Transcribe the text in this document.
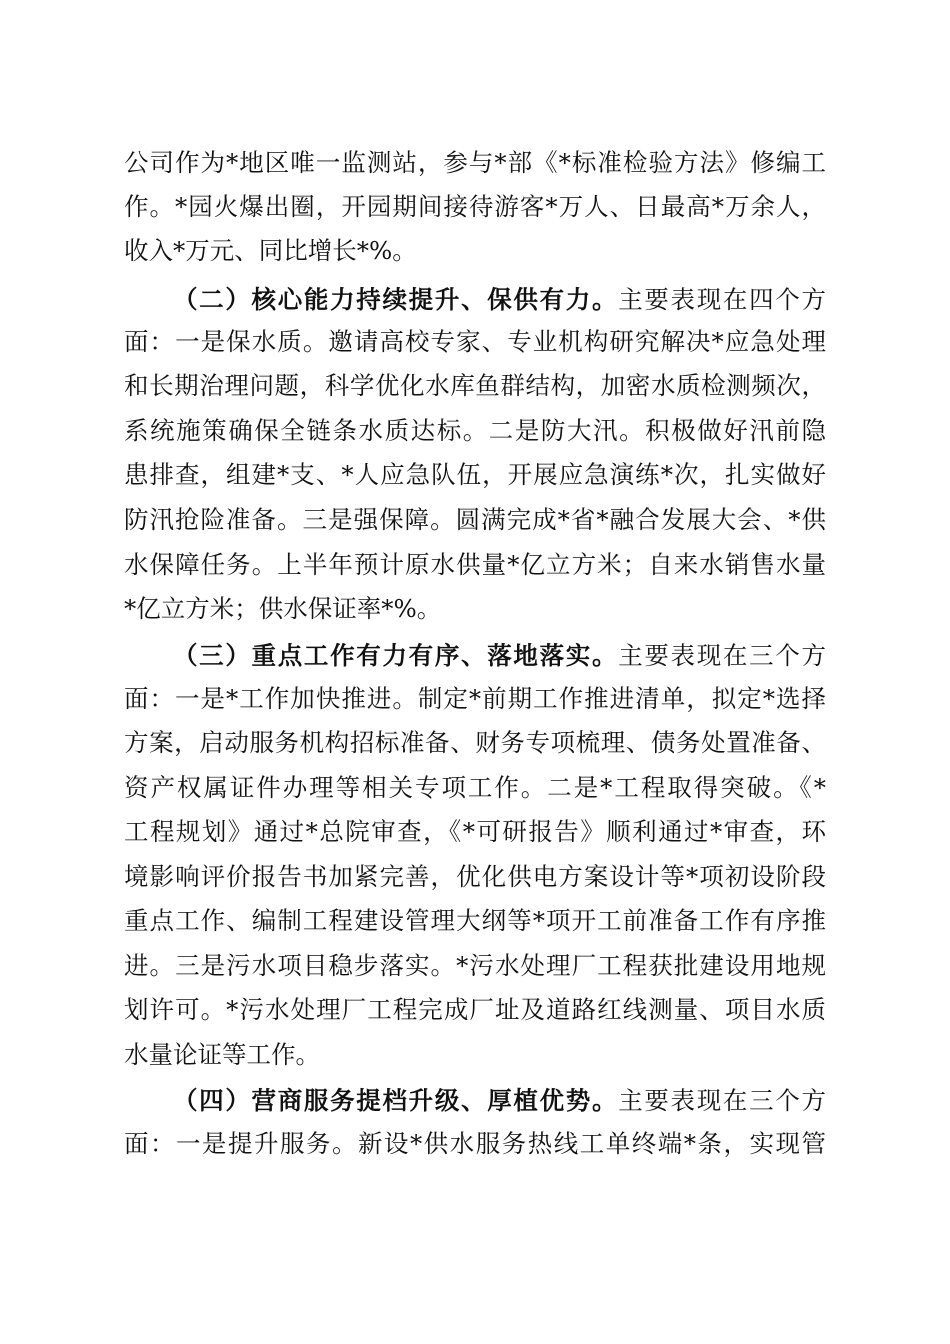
公司作为*地区唯一监测站，参与*部《*标准检验方法》修编工
作。*园火爆出圈，开园期间接待游客*万人、日最高*万余人，
收入*万元、同比增长*%。
（二）核心能力持续提升、保供有力。主要表现在四个方
面：一是保水质。邀请高校专家、专业机构研究解决*应急处理
和长期治理问题，科学优化水库鱼群结构，加密水质检测频次，
系统施策确保全链条水质达标。二是防大汛。积极做好汛前隐
患排查，组建*支、*人应急队伍，开展应急演练*次，扎实做好
防汛抢险准备。三是强保障。圆满完成*省*融合发展大会、*供
水保障任务。上半年预计原水供量*亿立方米；自来水销售水量
*亿立方米；供水保证率*%。
（三）重点工作有力有序、落地落实。主要表现在三个方
面：一是*工作加快推进。制定*前期工作推进清单，拟定*选择
方案，启动服务机构招标准备、财务专项梳理、债务处置准备、
资产权属证件办理等相关专项工作。二是*工程取得突破。《*
工程规划》通过*总院审查，《*可研报告》顺利通过*审查，环
境影响评价报告书加紧完善，优化供电方案设计等*项初设阶段
重点工作、编制工程建设管理大纲等*项开工前准备工作有序推
进。三是污水项目稳步落实。*污水处理厂工程获批建设用地规
划许可。*污水处理厂工程完成厂址及道路红线测量、项目水质
水量论证等工作。
（四）营商服务提档升级、厚植优势。主要表现在三个方
面：一是提升服务。新设*供水服务热线工单终端*条，实现管
